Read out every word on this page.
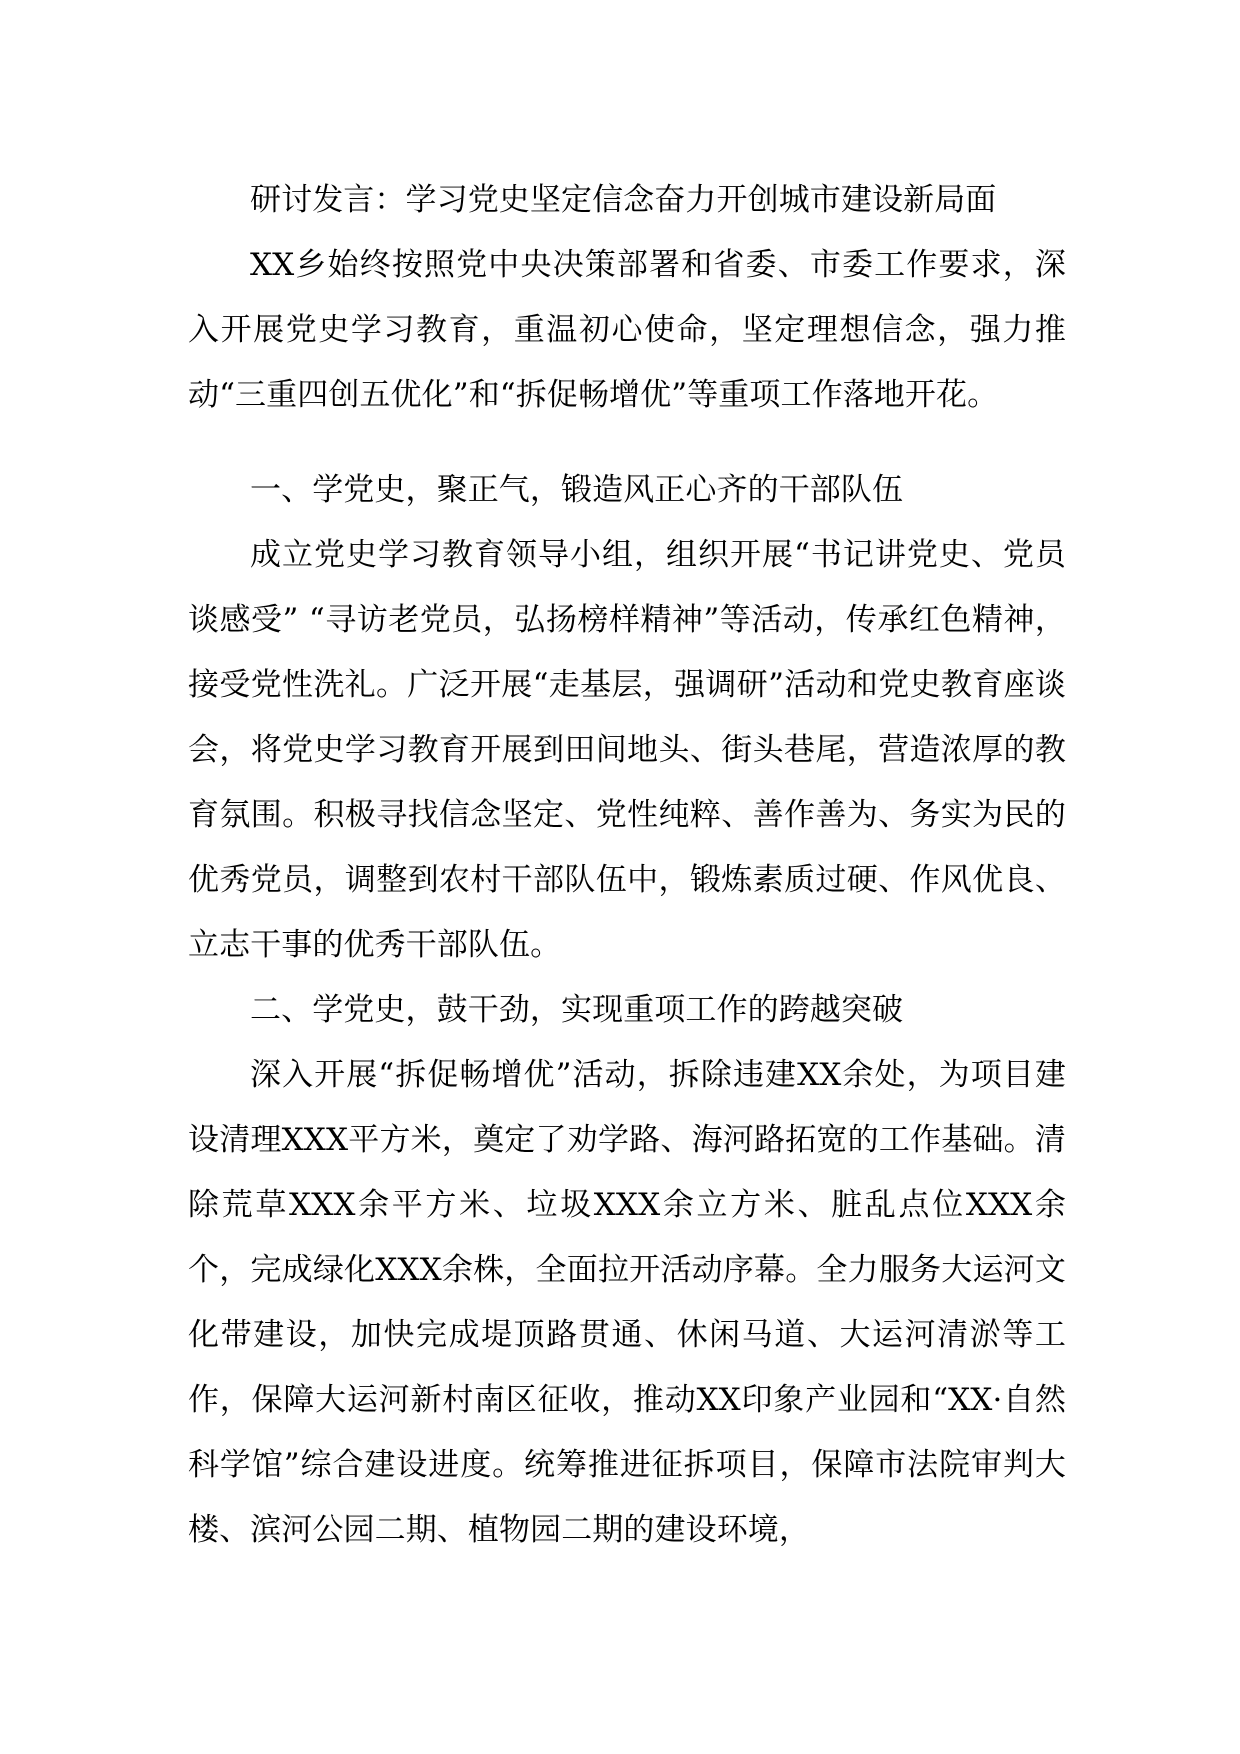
研讨发言：学习党史坚定信念奋力开创城市建设新局面

XX乡始终按照党中央决策部署和省委、市委工作要求，深入开展党史学习教育，重温初心使命，坚定理想信念，强力推动“三重四创五优化”和“拆促畅增优”等重项工作落地开花。

一、学党史，聚正气，锻造风正心齐的干部队伍

成立党史学习教育领导小组，组织开展“书记讲党史、党员谈感受” “寻访老党员，弘扬榜样精神”等活动，传承红色精神，接受党性洗礼。广泛开展“走基层，强调研”活动和党史教育座谈会，将党史学习教育开展到田间地头、街头巷尾，营造浓厚的教育氛围。积极寻找信念坚定、党性纯粹、善作善为、务实为民的优秀党员，调整到农村干部队伍中，锻炼素质过硬、作风优良、立志干事的优秀干部队伍。

二、学党史，鼓干劲，实现重项工作的跨越突破

深入开展“拆促畅增优”活动，拆除违建XX余处，为项目建设清理XXX平方米，奠定了劝学路、海河路拓宽的工作基础。清除荒草XXX余平方米、垃圾XXX余立方米、脏乱点位XXX余个，完成绿化XXX余株，全面拉开活动序幕。全力服务大运河文化带建设，加快完成堤顶路贯通、休闲马道、大运河清淤等工作，保障大运河新村南区征收，推动XX印象产业园和“XX·自然科学馆”综合建设进度。统筹推进征拆项目，保障市法院审判大楼、滨河公园二期、植物园二期的建设环境，
